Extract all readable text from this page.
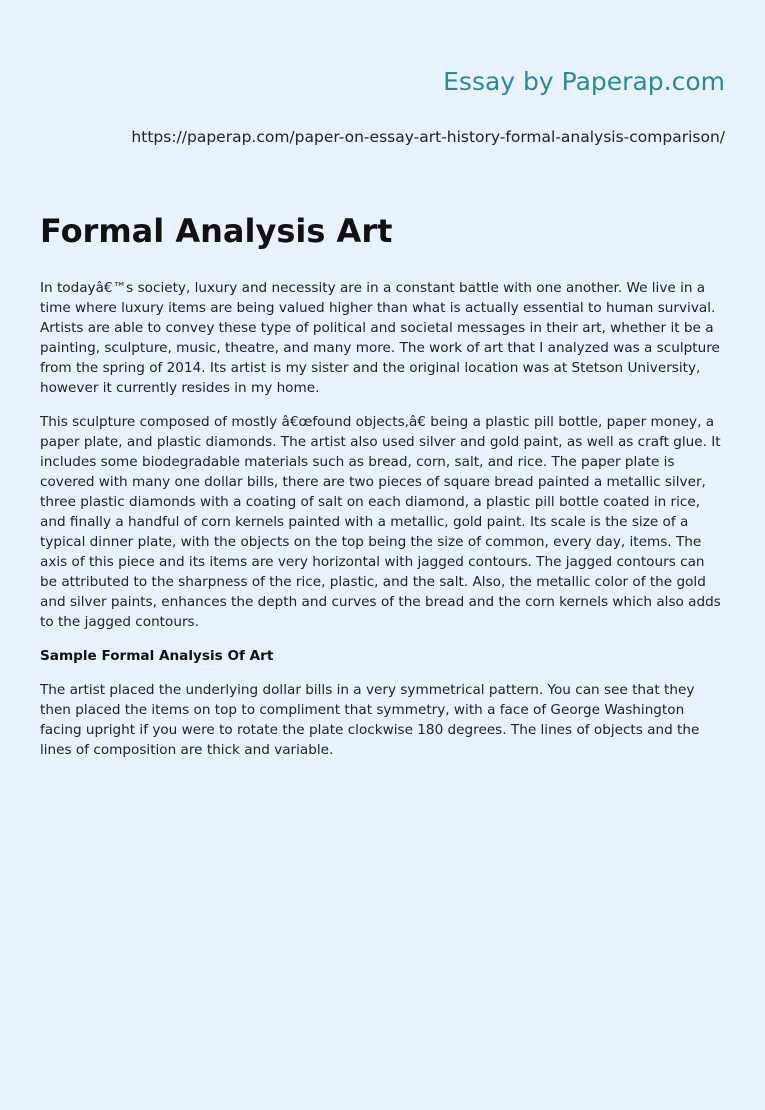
Essay by Paperap.com
https://paperap.com/paper-on-essay-art-history-formal-analysis-comparison/
Formal Analysis Art

In todayâ€™s society, luxury and necessity are in a constant battle with one another. We live in a time where luxury items are being valued higher than what is actually essential to human survival. Artists are able to convey these type of political and societal messages in their art, whether it be a painting, sculpture, music, theatre, and many more. The work of art that I analyzed was a sculpture from the spring of 2014. Its artist is my sister and the original location was at Stetson University, however it currently resides in my home.

This sculpture composed of mostly â€œfound objects,â€ being a plastic pill bottle, paper money, a paper plate, and plastic diamonds. The artist also used silver and gold paint, as well as craft glue. It includes some biodegradable materials such as bread, corn, salt, and rice. The paper plate is covered with many one dollar bills, there are two pieces of square bread painted a metallic silver, three plastic diamonds with a coating of salt on each diamond, a plastic pill bottle coated in rice, and finally a handful of corn kernels painted with a metallic, gold paint. Its scale is the size of a typical dinner plate, with the objects on the top being the size of common, every day, items. The axis of this piece and its items are very horizontal with jagged contours. The jagged contours can be attributed to the sharpness of the rice, plastic, and the salt. Also, the metallic color of the gold and silver paints, enhances the depth and curves of the bread and the corn kernels which also adds to the jagged contours.

Sample Formal Analysis Of Art

The artist placed the underlying dollar bills in a very symmetrical pattern. You can see that they then placed the items on top to compliment that symmetry, with a face of George Washington facing upright if you were to rotate the plate clockwise 180 degrees. The lines of objects and the lines of composition are thick and variable.
